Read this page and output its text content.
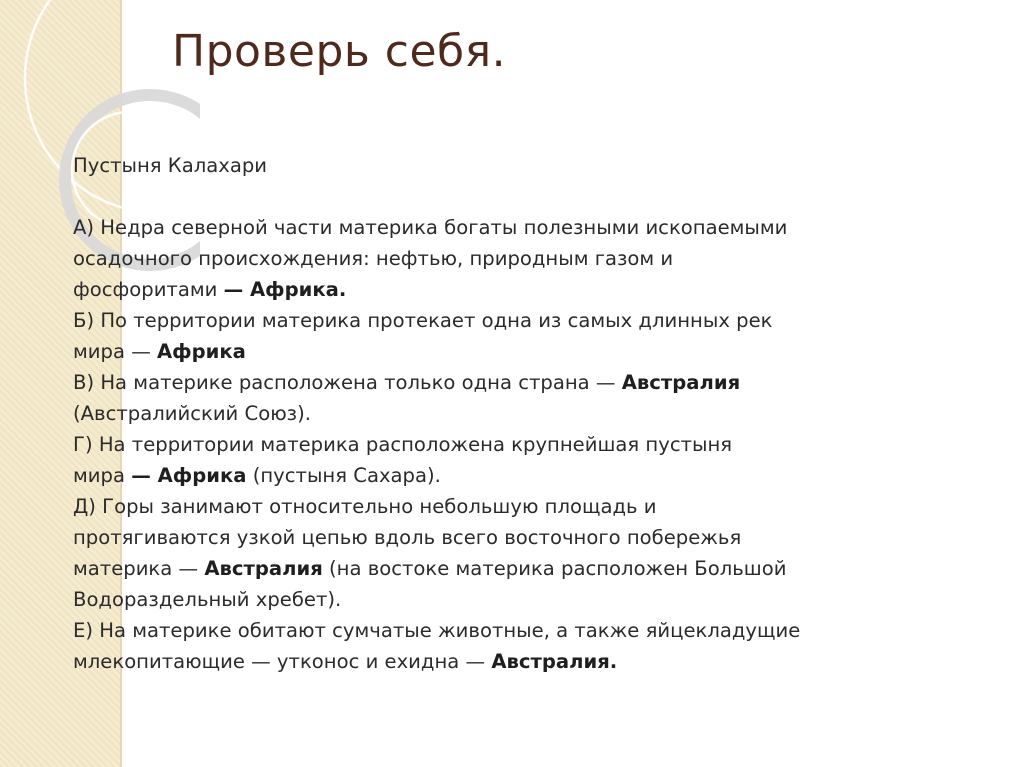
Проверь себя.

Пустыня Калахари

А) Недра северной части материка богаты полезными ископаемыми

осадочного происхождения: нефтью, природным газом и

фосфоритами — Африка.

Б) По территории материка протекает одна из самых длинных рек

мира — Африка

В) На материке расположена только одна страна — Австралия

(Австралийский Союз).

Г) На территории материка расположена крупнейшая пустыня

мира — Африка (пустыня Сахара).

Д) Горы занимают относительно небольшую площадь и

протягиваются узкой цепью вдоль всего восточного побережья

материка — Австралия (на востоке материка расположен Большой

Водораздельный хребет).

Е) На материке обитают сумчатые животные, а также яйцекладущие

млекопитающие — утконос и ехидна — Австралия.
